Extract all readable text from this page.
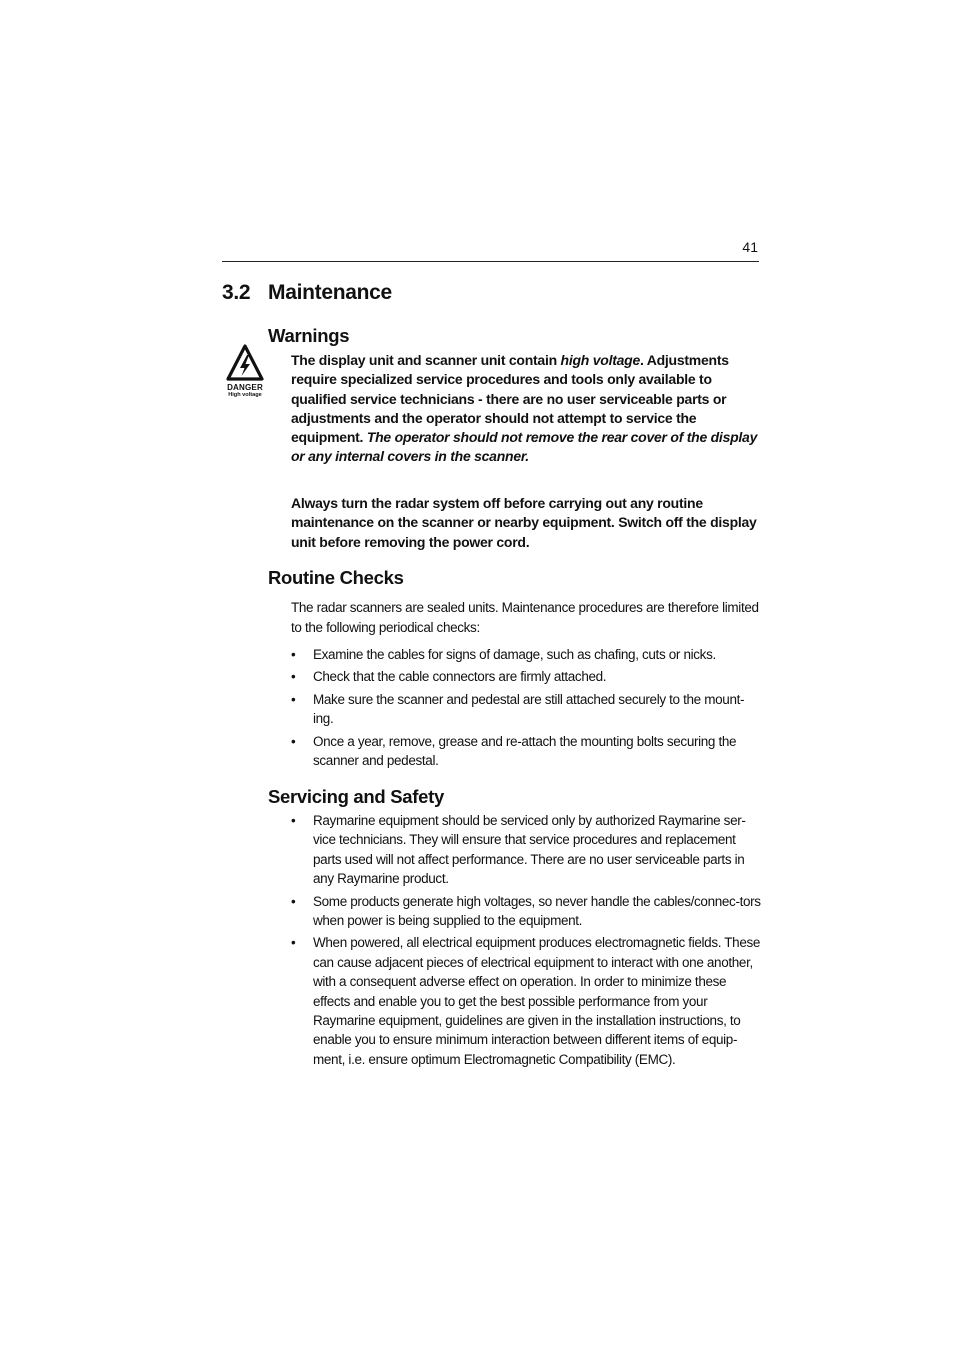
41
3.2 Maintenance
Warnings
DANGER
High voltage

The display unit and scanner unit contain high voltage. Adjustments require specialized service procedures and tools only available to qualified service technicians - there are no user serviceable parts or adjustments and the operator should not attempt to service the equipment. The operator should not remove the rear cover of the display or any internal covers in the scanner.

Always turn the radar system off before carrying out any routine maintenance on the scanner or nearby equipment. Switch off the display unit before removing the power cord.

Routine Checks

The radar scanners are sealed units. Maintenance procedures are therefore limited to the following periodical checks:

• Examine the cables for signs of damage, such as chafing, cuts or nicks.
• Check that the cable connectors are firmly attached.
• Make sure the scanner and pedestal are still attached securely to the mount-ing.
• Once a year, remove, grease and re-attach the mounting bolts securing the scanner and pedestal.
Servicing and Safety
• Raymarine equipment should be serviced only by authorized Raymarine ser-vice technicians. They will ensure that service procedures and replacement parts used will not affect performance. There are no user serviceable parts in any Raymarine product.
• Some products generate high voltages, so never handle the cables/connec-tors when power is being supplied to the equipment.
• When powered, all electrical equipment produces electromagnetic fields. These can cause adjacent pieces of electrical equipment to interact with one another, with a consequent adverse effect on operation. In order to minimize these effects and enable you to get the best possible performance from your Raymarine equipment, guidelines are given in the installation instructions, to enable you to ensure minimum interaction between different items of equip-ment, i.e. ensure optimum Electromagnetic Compatibility (EMC).
